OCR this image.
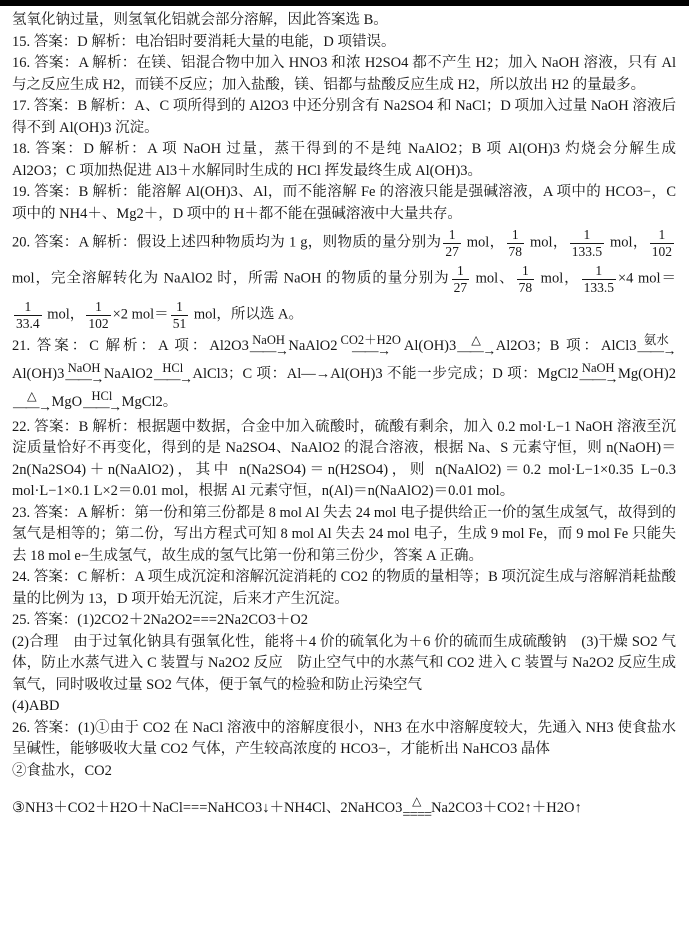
氢氧化钠过量，则氢氧化铝就会部分溶解，因此答案选 B。

15. 答案：D 解析：电冶铝时要消耗大量的电能，D 项错误。

16. 答案：A 解析：在镁、铝混合物中加入 HNO3 和浓 H2SO4 都不产生 H2；加入 NaOH 溶液，只有 Al 与之反应生成 H2，而镁不反应；加入盐酸，镁、铝都与盐酸反应生成 H2，所以放出 H2 的量最多。

17. 答案：B 解析：A、C 项所得到的 Al2O3 中还分别含有 Na2SO4 和 NaCl；D 项加入过量 NaOH 溶液后得不到 Al(OH)3 沉淀。

18. 答案：D 解析：A 项 NaOH 过量，蒸干得到的不是纯 NaAlO2；B 项 Al(OH)3 灼烧会分解生成 Al2O3；C 项加热促进 Al3＋水解同时生成的 HCl 挥发最终生成 Al(OH)3。

19. 答案：B 解析：能溶解 Al(OH)3、Al，而不能溶解 Fe 的溶液只能是强碱溶液，A 项中的 HCO3−，C 项中的 NH4＋、Mg2＋，D 项中的 H＋都不能在强碱溶液中大量共存。

20. 答案：A 解析：假设上述四种物质均为 1 g，则物质的量分别为 $\frac{1}{27}$ mol， $\frac{1}{78}$ mol， $\frac{1}{133.5}$ mol， $\frac{1}{102}$
mol，完全溶解转化为 NaAlO2 时，所需 NaOH 的物质的量分别为 $\frac{1}{27}$ mol、 $\frac{1}{78}$ mol， $\frac{1}{133.5} \times 4$ mol＝
$\frac{1}{33.4}$ mol， $\frac{1}{102} \times 2$ $mol= \frac{1}{51}$ mol，所以选 A。

21. 答案：C 解析：A 项：Al2O3 NaOH
——→ NaAlO2 CO2＋H2O
——→ Al(OH)3	△
——→ Al2O3；B 项：AlCl3 氨水
——→
Al(OH)3 NaOH
——→ NaAlO2 HCl
——→ AlCl3；C 项：Al—→Al(OH)3 不能一步完成；D 项：MgCl2 NaOH
——→ Mg(OH)2
△
——→ MgO HCl
——→ MgCl2。

22. 答案：B 解析：根据题中数据，合金中加入硫酸时，硫酸有剩余，加入 0.2 mol·L−1 NaOH 溶液至沉淀质量恰好不再变化，得到的是 Na2SO4、NaAlO2 的混合溶液，根据 Na、S 元素守恒，则 n(NaOH)＝2n(Na2SO4)＋n(NaAlO2)，其中 n(Na2SO4)＝n(H2SO4)，则 n(NaAlO2)＝0.2 mol·L−1×0.35 L−0.3 mol·L−1×0.1 L×2＝0.01 mol，根据 Al 元素守恒，n(Al)＝n(NaAlO2)＝0.01 mol。

23. 答案：A 解析：第一份和第三份都是 8 mol Al 失去 24 mol 电子提供给正一价的氢生成氢气，故得到的氢气是相等的；第二份，写出方程式可知 8 mol Al 失去 24 mol 电子，生成 9 mol Fe，而 9 mol Fe 只能失去 18 mol e−生成氢气，故生成的氢气比第一份和第三份少，答案 A 正确。

24. 答案：C 解析：A 项生成沉淀和溶解沉淀消耗的 CO2 的物质的量相等；B 项沉淀生成与溶解消耗盐酸量的比例为 13，D 项开始无沉淀，后来才产生沉淀。

25. 答案：(1)2CO2＋2Na2O2===2Na2CO3＋O2

(2)合理　由于过氧化钠具有强氧化性，能将＋4 价的硫氧化为＋6 价的硫而生成硫酸钠　(3)干燥 SO2 气体，防止水蒸气进入 C 装置与 Na2O2 反应　防止空气中的水蒸气和 CO2 进入 C 装置与 Na2O2 反应生成氧气，同时吸收过量 SO2 气体，便于氧气的检验和防止污染空气

(4)ABD

26. 答案：(1)①由于 CO2 在 NaCl 溶液中的溶解度很小，NH3 在水中溶解度较大，先通入 NH3 使食盐水呈碱性，能够吸收大量 CO2 气体，产生较高浓度的 HCO3−，才能析出 NaHCO3 晶体

②食盐水，CO2

③NH3＋CO2＋H2O＋NaCl===NaHCO3↓＋NH4Cl、2NaHCO3 △
==== Na2CO3＋CO2↑＋H2O↑
